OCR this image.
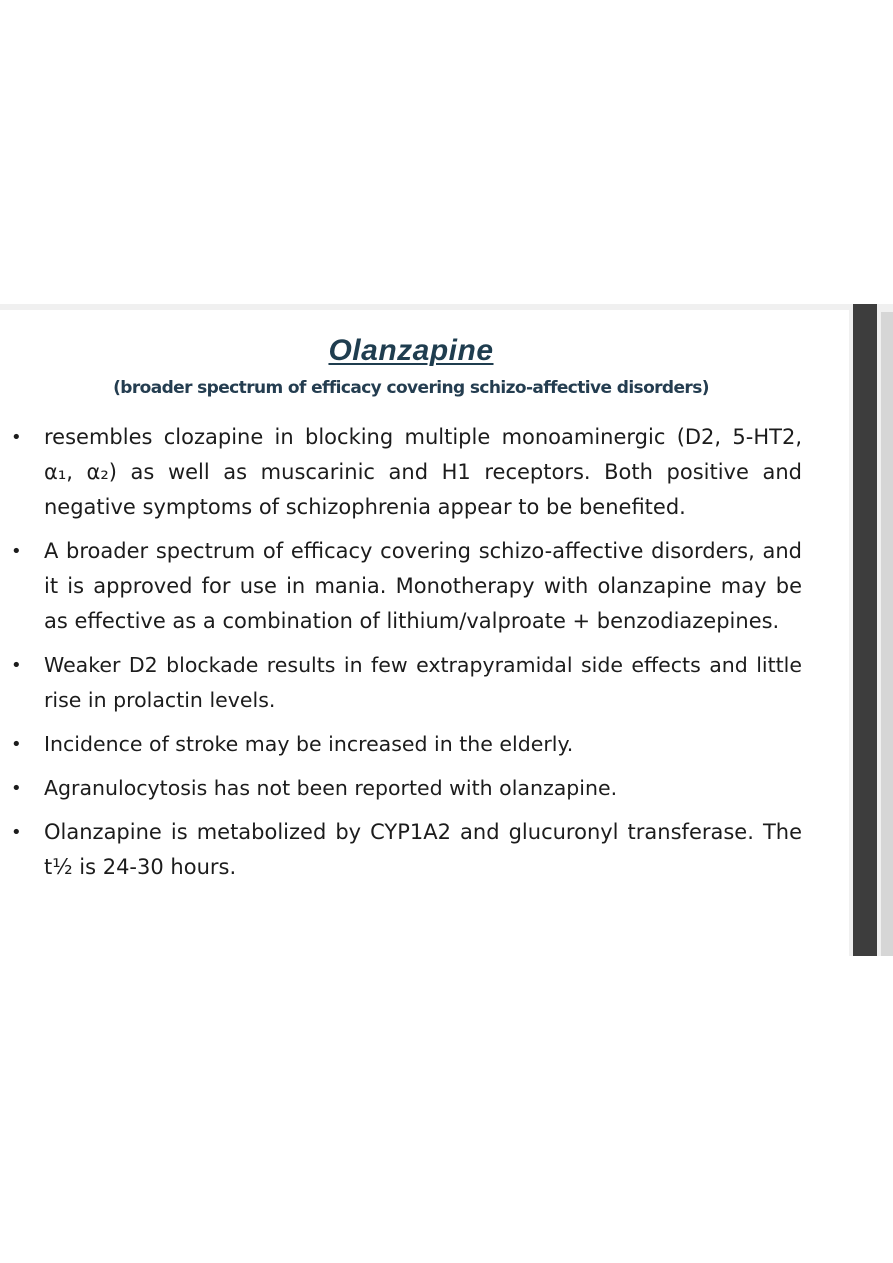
Olanzapine
(broader spectrum of efficacy covering schizo-affective disorders)
• resembles clozapine in blocking multiple monoaminergic (D2, 5-HT2, α₁, α₂) as well as muscarinic and H1 receptors. Both positive and negative symptoms of schizophrenia appear to be benefited.
• A broader spectrum of efficacy covering schizo-affective disorders, and it is approved for use in mania. Monotherapy with olanzapine may be as effective as a combination of lithium/valproate + benzodiazepines.
• Weaker D2 blockade results in few extrapyramidal side effects and little rise in prolactin levels.
• Incidence of stroke may be increased in the elderly.
• Agranulocytosis has not been reported with olanzapine.
• Olanzapine is metabolized by CYP1A2 and glucuronyl transferase. The t½ is 24-30 hours.
